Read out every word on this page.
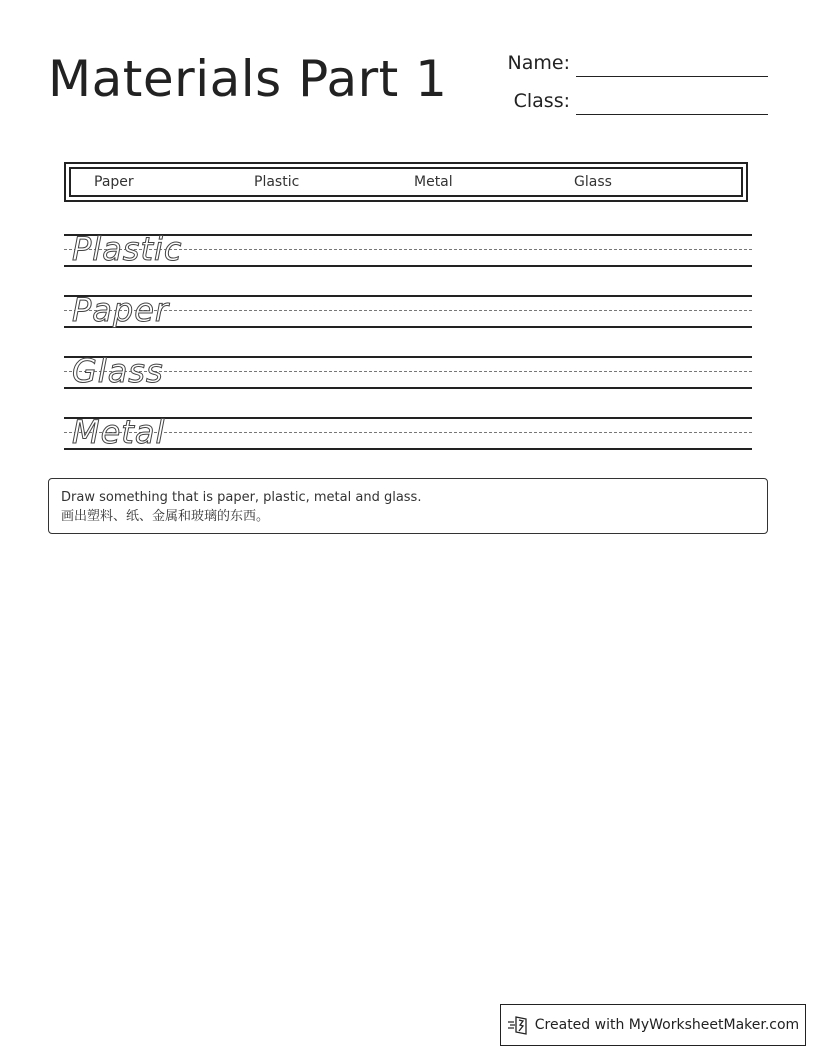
Materials Part 1	Name:
Class:
Paper	Plastic	Metal	Glass
Plastic
Paper
Glass
Metal
Draw something that is paper, plastic, metal and glass.
画出塑料、纸、金属和玻璃的东西。
Created with MyWorksheetMaker.com
